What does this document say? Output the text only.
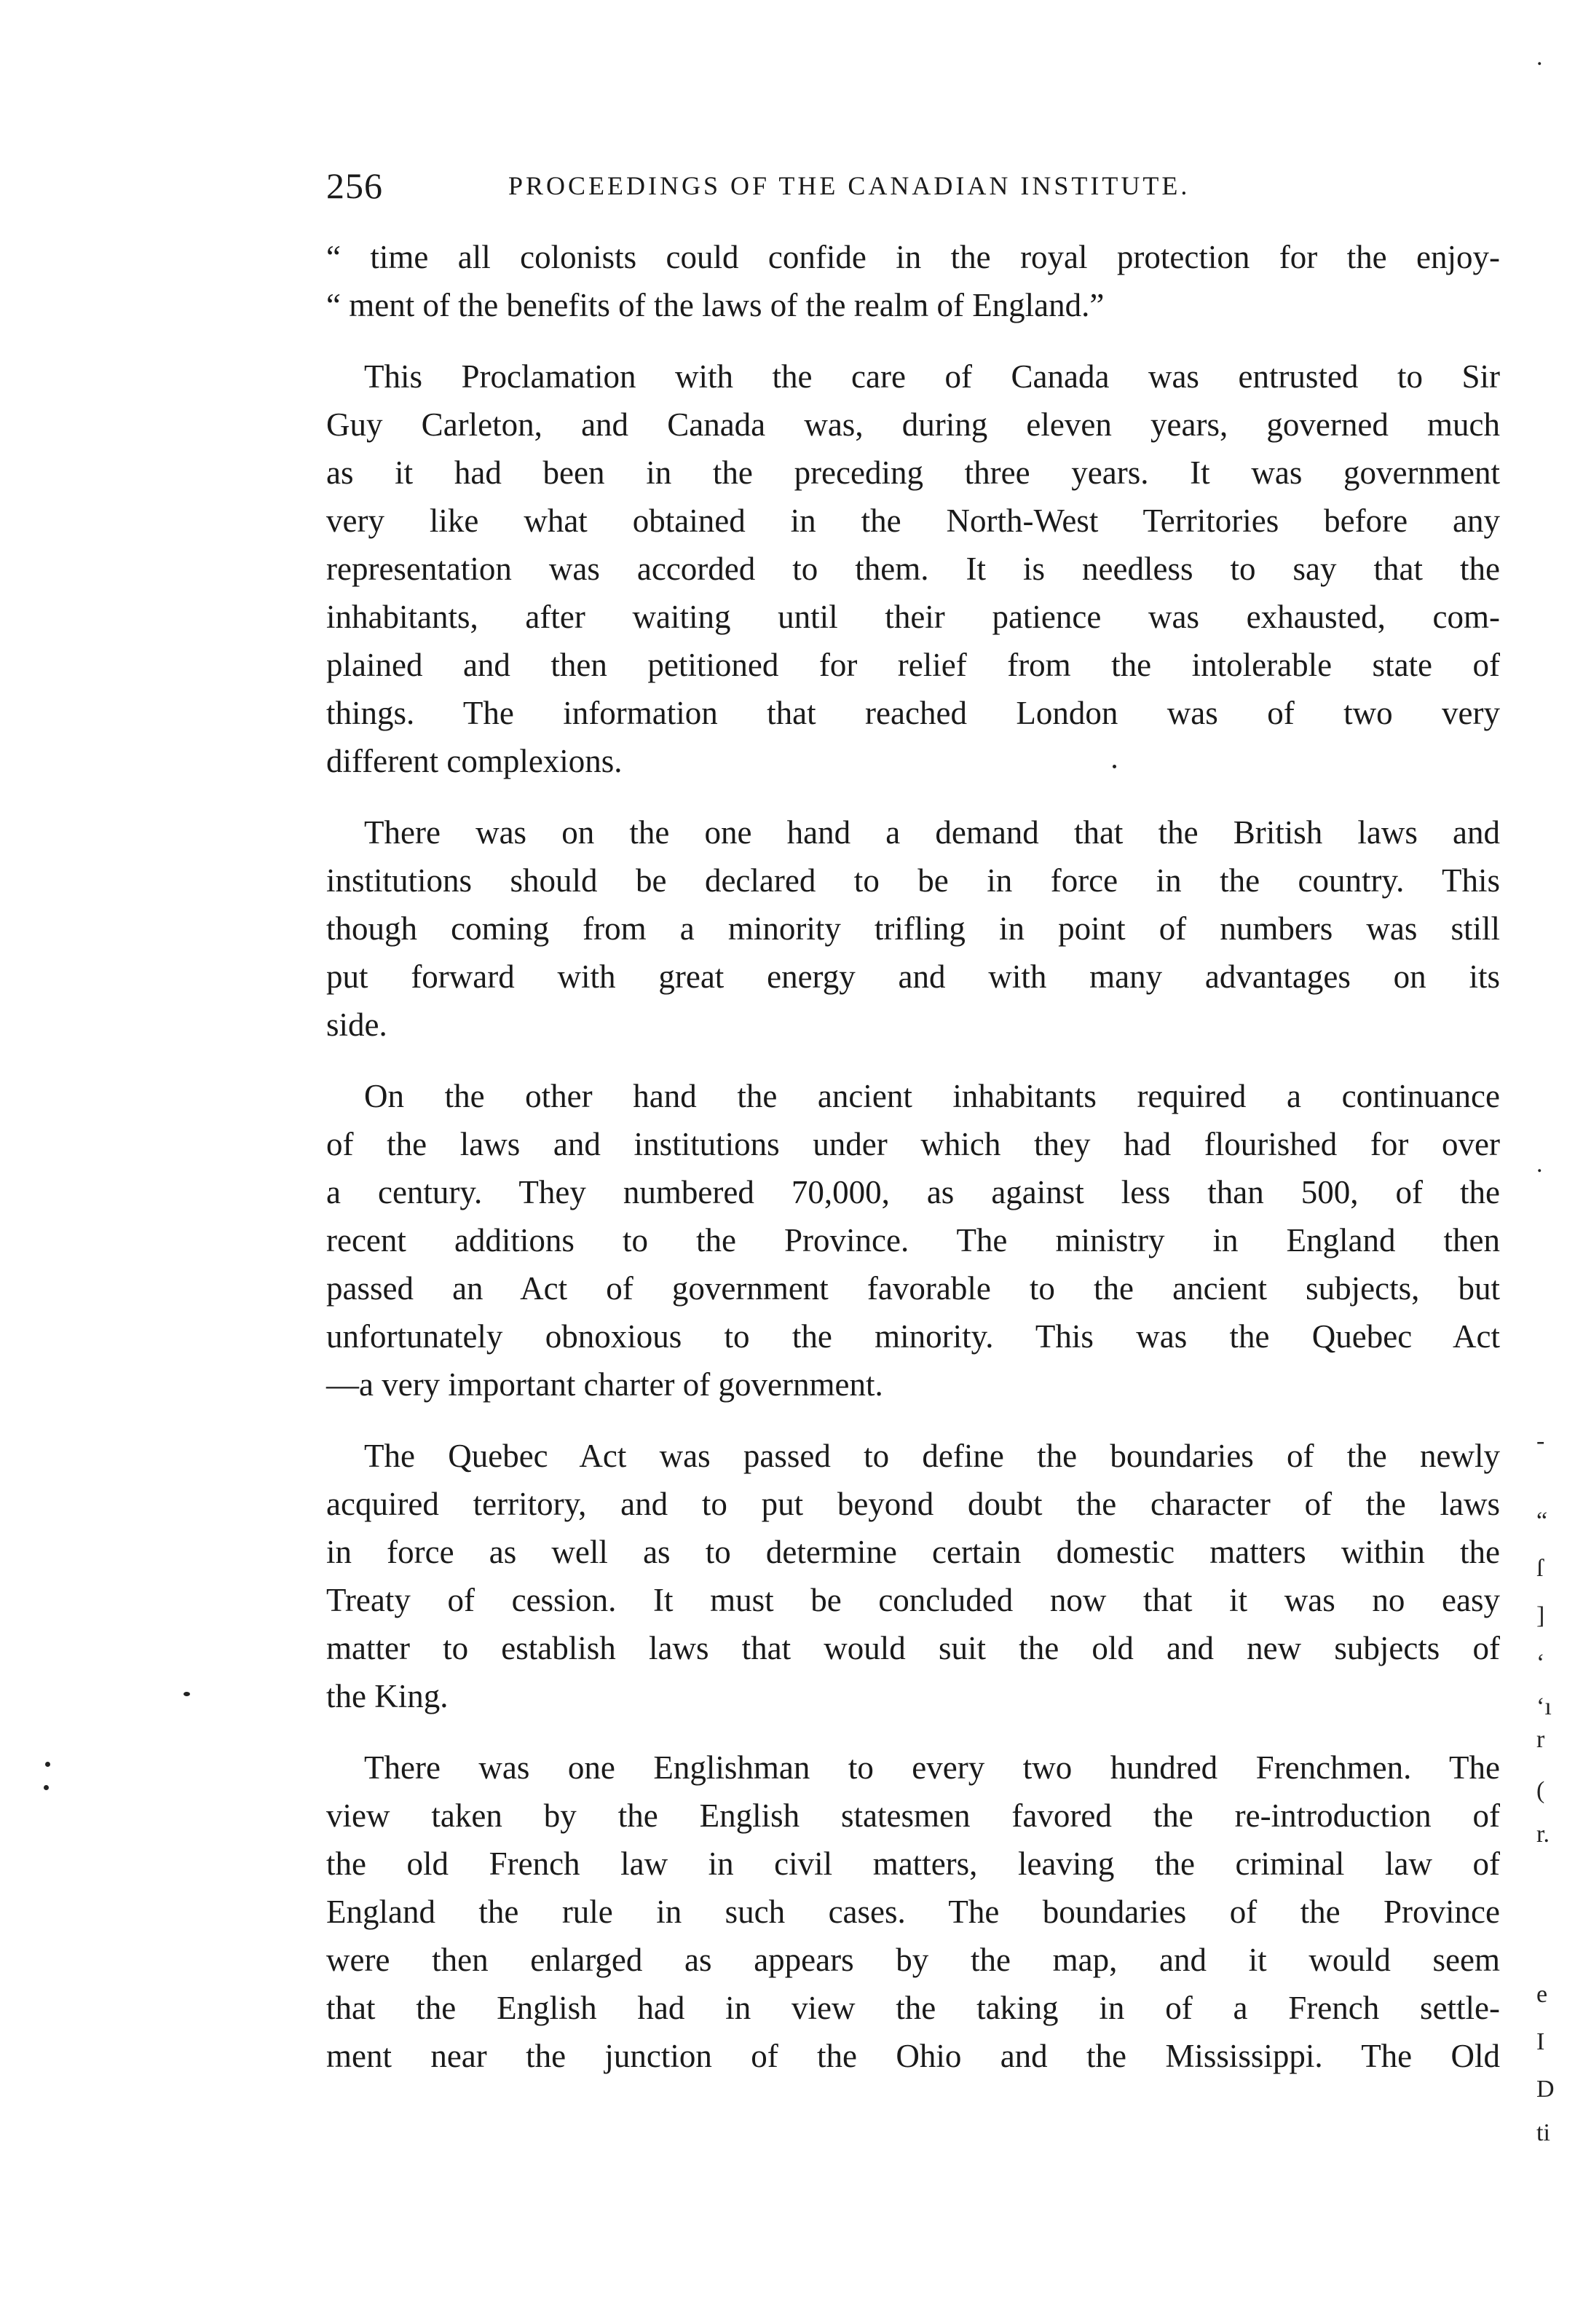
256	PROCEEDINGS OF THE CANADIAN INSTITUTE.
“ time all colonists could confide in the royal protection for the enjoy-
“ ment of the benefits of the laws of the realm of England.”
This Proclamation with the care of Canada was entrusted to Sir
Guy Carleton, and Canada was, during eleven years, governed much
as it had been in the preceding three years. It was government
very like what obtained in the North-West Territories before any
representation was accorded to them. It is needless to say that the
inhabitants, after waiting until their patience was exhausted, com-
plained and then petitioned for relief from the intolerable state of
things. The information that reached London was of two very
different complexions.
There was on the one hand a demand that the British laws and
institutions should be declared to be in force in the country. This
though coming from a minority trifling in point of numbers was still
put forward with great energy and with many advantages on its
side.
On the other hand the ancient inhabitants required a continuance
of the laws and institutions under which they had flourished for over
a century. They numbered 70,000, as against less than 500, of the
recent additions to the Province. The ministry in England then
passed an Act of government favorable to the ancient subjects, but
unfortunately obnoxious to the minority. This was the Quebec Act
—a very important charter of government.
The Quebec Act was passed to define the boundaries of the newly
acquired territory, and to put beyond doubt the character of the laws
in force as well as to determine certain domestic matters within the
Treaty of cession. It must be concluded now that it was no easy
matter to establish laws that would suit the old and new subjects of
the King.
There was one Englishman to every two hundred Frenchmen. The
view taken by the English statesmen favored the re-introduction of
the old French law in civil matters, leaving the criminal law of
England the rule in such cases. The boundaries of the Province
were then enlarged as appears by the map, and it would seem
that the English had in view the taking in of a French settle-
ment near the junction of the Ohio and the Mississippi. The Old
.
.
-
“
ſ
]
‘
‘ı
r
(
r.
e
I
D
ti
